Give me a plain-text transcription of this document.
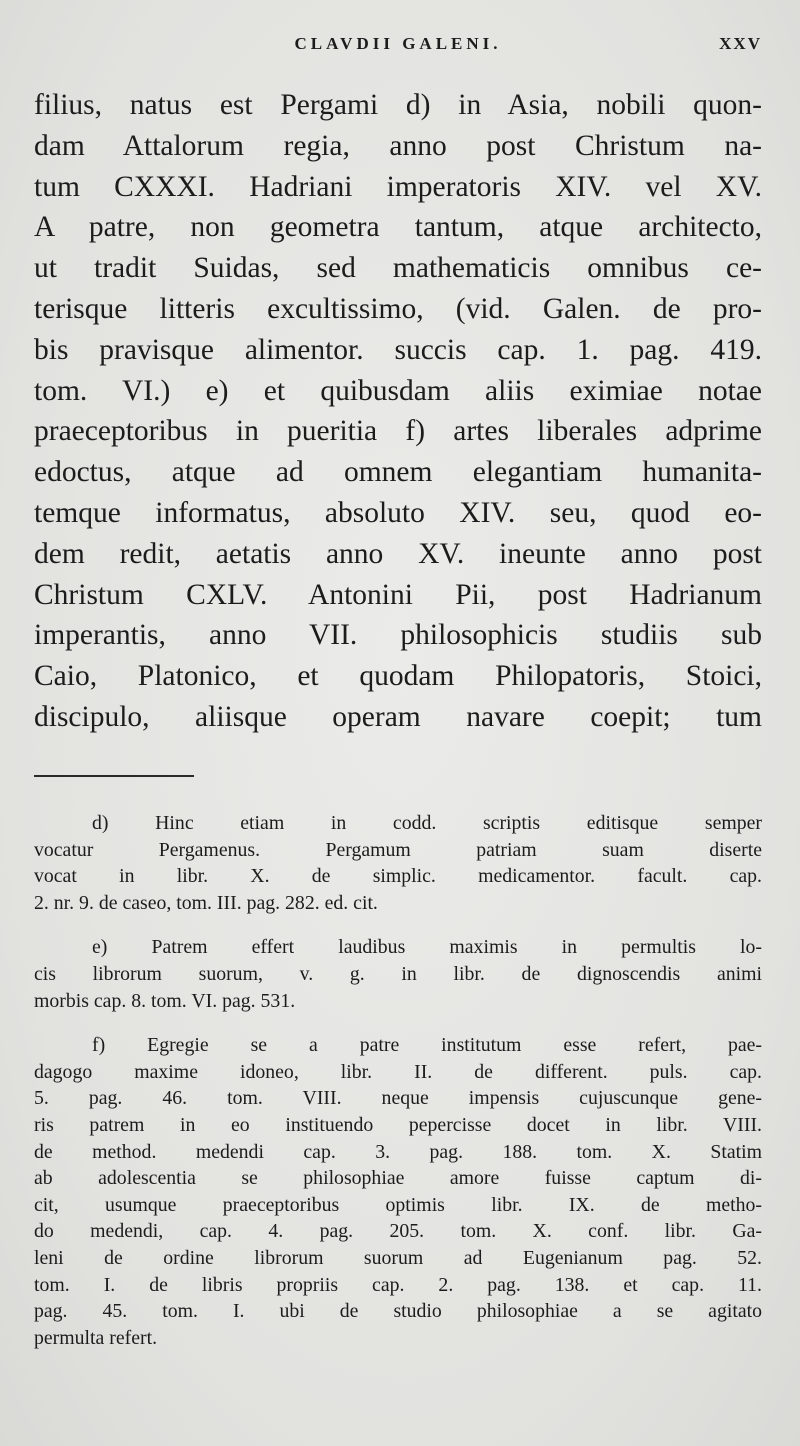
CLAVDII GALENI.	XXV
filius, natus est Pergami d) in Asia, nobili quon-
dam Attalorum regia, anno post Christum na-
tum CXXXI. Hadriani imperatoris XIV. vel XV.
A patre, non geometra tantum, atque architecto,
ut tradit Suidas, sed mathematicis omnibus ce-
terisque litteris excultissimo, (vid. Galen. de pro-
bis pravisque alimentor. succis cap. 1. pag. 419.
tom. VI.) e) et quibusdam aliis eximiae notae
praeceptoribus in pueritia f) artes liberales adprime
edoctus, atque ad omnem elegantiam humanita-
temque informatus, absoluto XIV. seu, quod eo-
dem redit, aetatis anno XV. ineunte anno post
Christum CXLV. Antonini Pii, post Hadrianum
imperantis, anno VII. philosophicis studiis sub
Caio, Platonico, et quodam Philopatoris, Stoici,
discipulo, aliisque operam navare coepit; tum
d) Hinc etiam in codd. scriptis editisque semper
vocatur Pergamenus. Pergamum patriam suam diserte
vocat in libr. X. de simplic. medicamentor. facult. cap.
2. nr. 9. de caseo, tom. III. pag. 282. ed. cit.
e) Patrem effert laudibus maximis in permultis lo-
cis librorum suorum, v. g. in libr. de dignoscendis animi
morbis cap. 8. tom. VI. pag. 531.
f) Egregie se a patre institutum esse refert, pae-
dagogo maxime idoneo, libr. II. de different. puls. cap.
5. pag. 46. tom. VIII. neque impensis cujuscunque gene-
ris patrem in eo instituendo pepercisse docet in libr. VIII.
de method. medendi cap. 3. pag. 188. tom. X. Statim
ab adolescentia se philosophiae amore fuisse captum di-
cit, usumque praeceptoribus optimis libr. IX. de metho-
do medendi, cap. 4. pag. 205. tom. X. conf. libr. Ga-
leni de ordine librorum suorum ad Eugenianum pag. 52.
tom. I. de libris propriis cap. 2. pag. 138. et cap. 11.
pag. 45. tom. I. ubi de studio philosophiae a se agitato
permulta refert.
